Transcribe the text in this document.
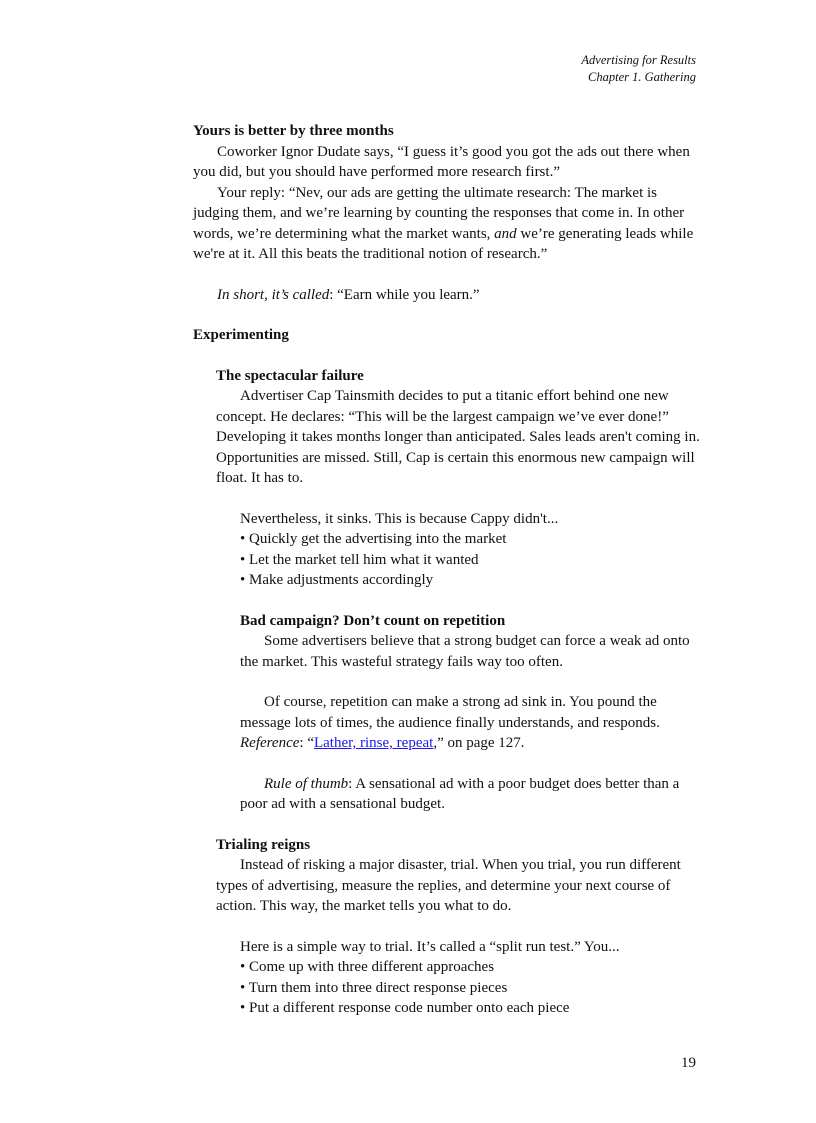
Advertising for Results
Chapter 1. Gathering

Yours is better by three months

Coworker Ignor Dudate says, “I guess it’s good you got the ads out there when you did, but you should have performed more research first.”

Your reply: “Nev, our ads are getting the ultimate research: The market is judging them, and we’re learning by counting the responses that come in. In other words, we’re determining what the market wants, and we’re generating leads while we're at it. All this beats the traditional notion of research.”

In short, it’s called: “Earn while you learn.”

Experimenting

The spectacular failure

Advertiser Cap Tainsmith decides to put a titanic effort behind one new concept. He declares: “This will be the largest campaign we’ve ever done!” Developing it takes months longer than anticipated. Sales leads aren't coming in. Opportunities are missed. Still, Cap is certain this enormous new campaign will float. It has to.

Nevertheless, it sinks. This is because Cappy didn't...

• Quickly get the advertising into the market

• Let the market tell him what it wanted

• Make adjustments accordingly

Bad campaign? Don’t count on repetition

Some advertisers believe that a strong budget can force a weak ad onto the market. This wasteful strategy fails way too often.

Of course, repetition can make a strong ad sink in. You pound the message lots of times, the audience finally understands, and responds. Reference: “Lather, rinse, repeat,” on page 127.

Rule of thumb: A sensational ad with a poor budget does better than a poor ad with a sensational budget.

Trialing reigns

Instead of risking a major disaster, trial. When you trial, you run different types of advertising, measure the replies, and determine your next course of action. This way, the market tells you what to do.

Here is a simple way to trial. It’s called a “split run test.” You...

• Come up with three different approaches

• Turn them into three direct response pieces

• Put a different response code number onto each piece

19
